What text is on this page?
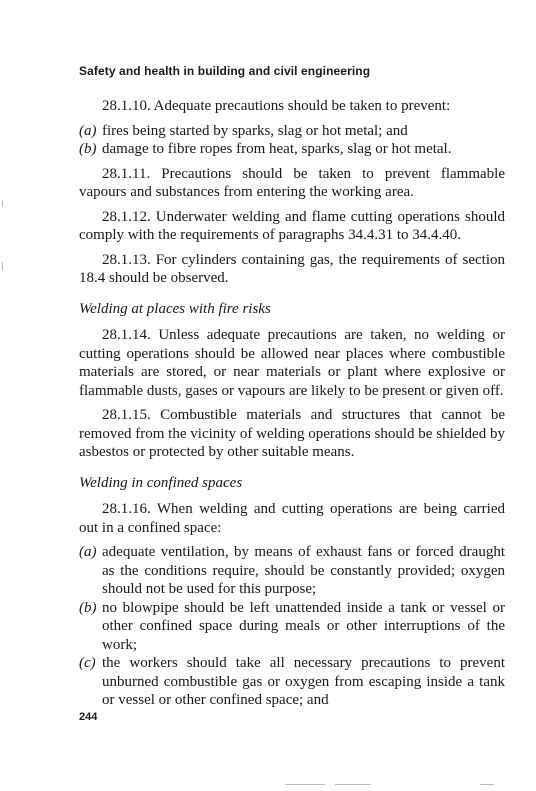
Safety and health in building and civil engineering

28.1.10. Adequate precautions should be taken to prevent:

(a) fires being started by sparks, slag or hot metal; and
(b) damage to fibre ropes from heat, sparks, slag or hot metal.

28.1.11. Precautions should be taken to prevent flammable vapours and substances from entering the working area.

28.1.12. Underwater welding and flame cutting operations should comply with the requirements of paragraphs 34.4.31 to 34.4.40.

28.1.13. For cylinders containing gas, the requirements of section 18.4 should be observed.

Welding at places with fire risks

28.1.14. Unless adequate precautions are taken, no welding or cutting operations should be allowed near places where combustible materials are stored, or near materials or plant where explosive or flammable dusts, gases or vapours are likely to be present or given off.

28.1.15. Combustible materials and structures that cannot be removed from the vicinity of welding operations should be shielded by asbestos or protected by other suitable means.

Welding in confined spaces

28.1.16. When welding and cutting operations are being carried out in a confined space:

(a) adequate ventilation, by means of exhaust fans or forced draught as the conditions require, should be constantly provided; oxygen should not be used for this purpose;
(b) no blowpipe should be left unattended inside a tank or vessel or other confined space during meals or other interruptions of the work;
(c) the workers should take all necessary precautions to prevent unburned combustible gas or oxygen from escaping inside a tank or vessel or other confined space; and
244
